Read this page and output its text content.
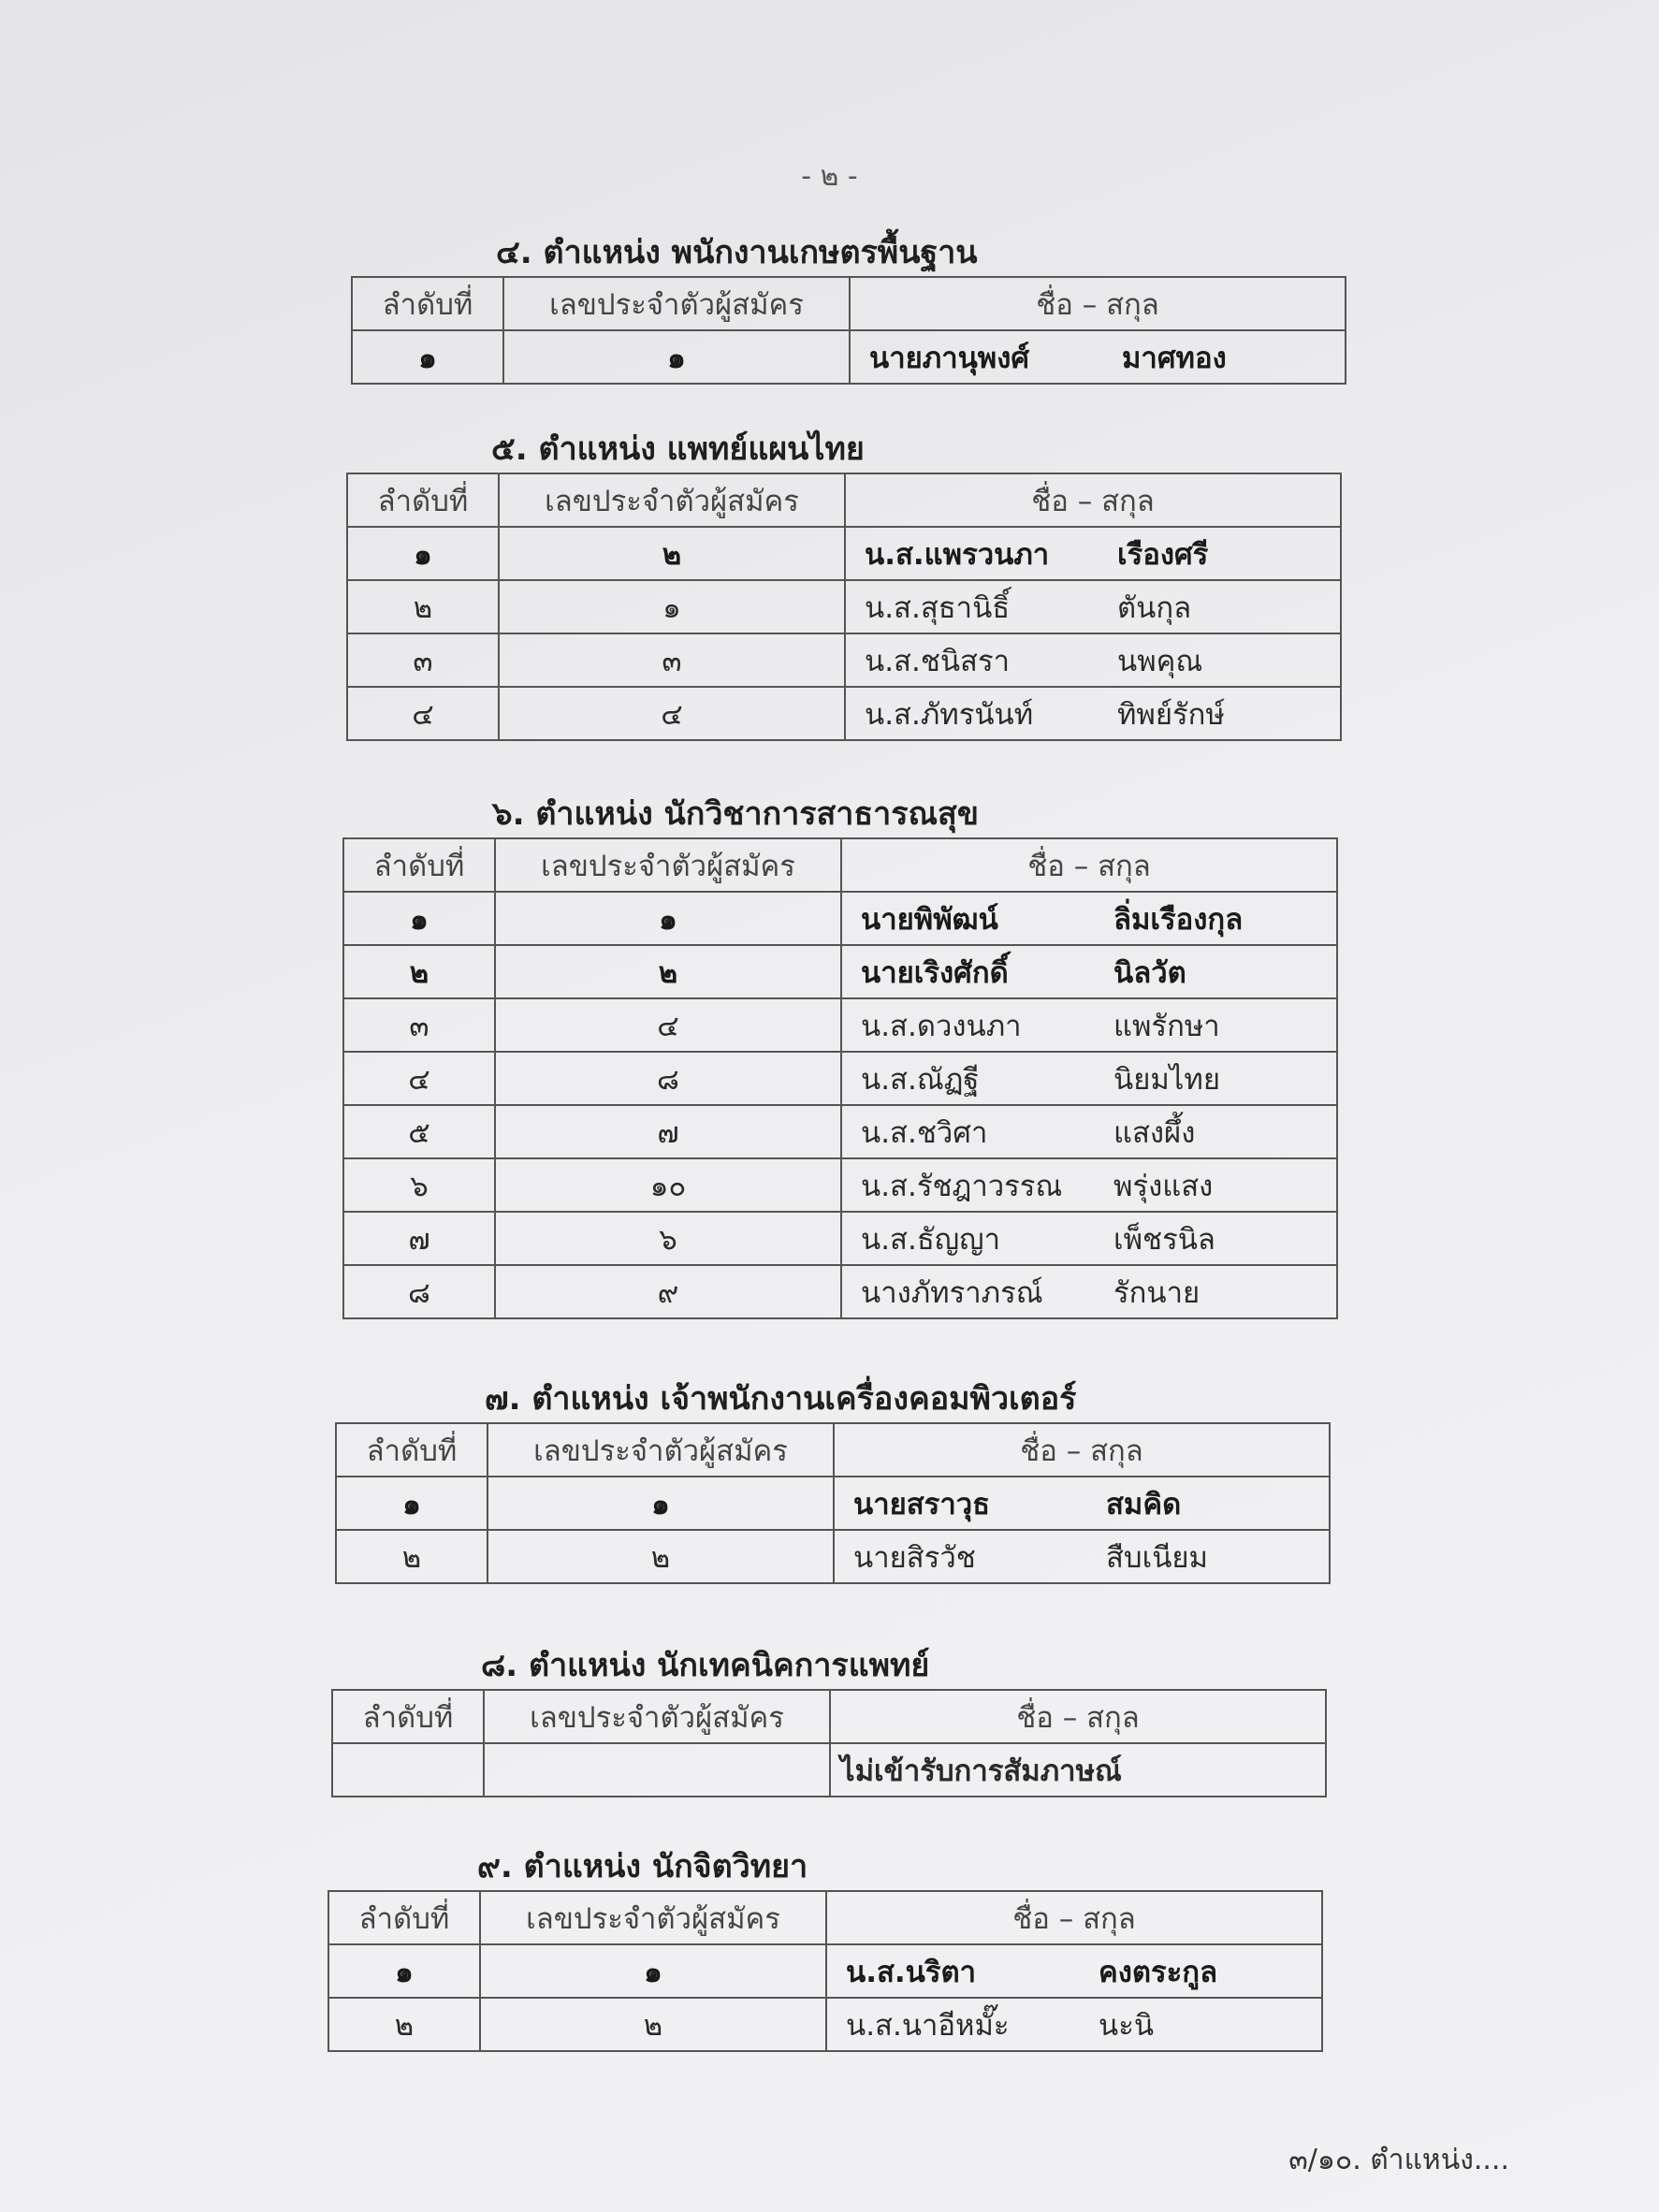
- ๒ -
๔. ตำแหน่ง พนักงานเกษตรพื้นฐาน
ลำดับที่	เลขประจำตัวผู้สมัคร	ชื่อ – สกุล
๑	๑	นายภานุพงศ์ มาศทอง
๕. ตำแหน่ง แพทย์แผนไทย
ลำดับที่	เลขประจำตัวผู้สมัคร	ชื่อ – สกุล
๑	๒	น.ส.แพรวนภา เรืองศรี
๒	๑	น.ส.สุธานิธิ์ ตันกุล
๓	๓	น.ส.ชนิสรา นพคุณ
๔	๔	น.ส.ภัทรนันท์ ทิพย์รักษ์
๖. ตำแหน่ง นักวิชาการสาธารณสุข
ลำดับที่	เลขประจำตัวผู้สมัคร	ชื่อ – สกุล
๑	๑	นายพิพัฒน์ ลิ่มเรืองกุล
๒	๒	นายเริงศักดิ์ นิลวัต
๓	๔	น.ส.ดวงนภา แพรักษา
๔	๘	น.ส.ณัฏฐี นิยมไทย
๕	๗	น.ส.ชวิศา แสงผึ้ง
๖	๑๐	น.ส.รัชฎาวรรณ พรุ่งแสง
๗	๖	น.ส.ธัญญา เพ็ชรนิล
๘	๙	นางภัทราภรณ์ รักนาย
๗. ตำแหน่ง เจ้าพนักงานเครื่องคอมพิวเตอร์
ลำดับที่	เลขประจำตัวผู้สมัคร	ชื่อ – สกุล
๑	๑	นายสราวุธ สมคิด
๒	๒	นายสิรวัช สืบเนียม
๘. ตำแหน่ง นักเทคนิคการแพทย์
ลำดับที่	เลขประจำตัวผู้สมัคร	ชื่อ – สกุล
		ไม่เข้ารับการสัมภาษณ์
๙. ตำแหน่ง นักจิตวิทยา
ลำดับที่	เลขประจำตัวผู้สมัคร	ชื่อ – สกุล
๑	๑	น.ส.นริตา คงตระกูล
๒	๒	น.ส.นาอีหมั๊ะ นะนิ
๓/๑๐. ตำแหน่ง....
